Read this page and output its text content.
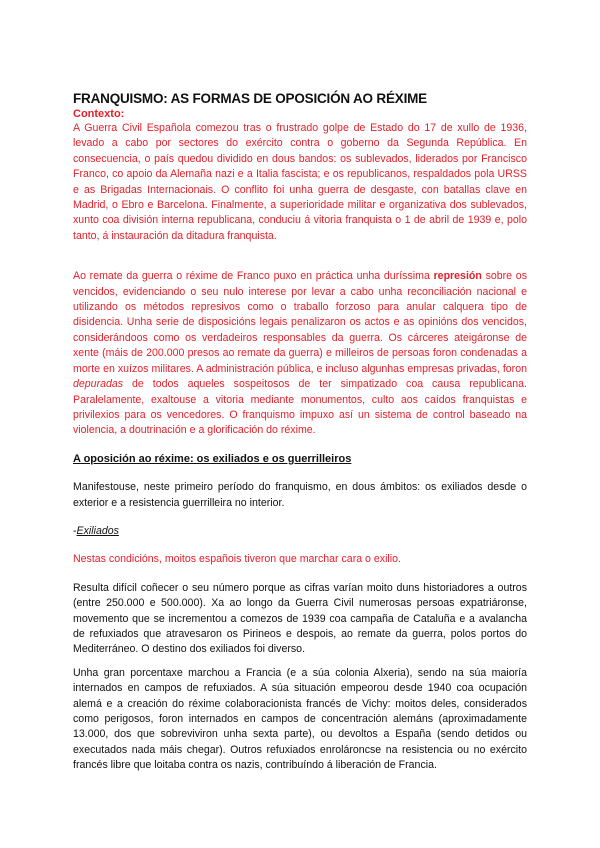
FRANQUISMO: AS FORMAS DE OPOSICIÓN AO RÉXIME
Contexto:

A Guerra Civil Española comezou tras o frustrado golpe de Estado do 17 de xullo de 1936, levado a cabo por sectores do exército contra o goberno da Segunda República. En consecuencia, o país quedou dividido en dous bandos: os sublevados, liderados por Francisco Franco, co apoio da Alemaña nazi e a Italia fascista; e os republicanos, respaldados pola URSS e as Brigadas Internacionais. O conflito foi unha guerra de desgaste, con batallas clave en Madrid, o Ebro e Barcelona. Finalmente, a superioridade militar e organizativa dos sublevados, xunto coa división interna republicana, conduciu á vitoria franquista o 1 de abril de 1939 e, polo tanto, á instauración da ditadura franquista.

Ao remate da guerra o réxime de Franco puxo en práctica unha duríssima represión sobre os vencidos, evidenciando o seu nulo interese por levar a cabo unha reconciliación nacional e utilizando os métodos represivos como o traballo forzoso para anular calquera tipo de disidencia. Unha serie de disposicións legais penalizaron os actos e as opinións dos vencidos, considerándoos como os verdadeiros responsables da guerra. Os cárceres ateigáronse de xente (máis de 200.000 presos ao remate da guerra) e milleiros de persoas foron condenadas a morte en xuízos militares. A administración pública, e incluso algunhas empresas privadas, foron depuradas de todos aqueles sospeitosos de ter simpatizado coa causa republicana. Paralelamente, exaltouse a vitoria mediante monumentos, culto aos caídos franquistas e privilexios para os vencedores. O franquismo impuxo así un sistema de control baseado na violencia, a doutrinación e a glorificación do réxime.

A oposición ao réxime: os exiliados e os guerrilleiros

Manifestouse, neste primeiro período do franquismo, en dous ámbitos: os exiliados desde o exterior e a resistencia guerrilleira no interior.

-Exiliados

Nestas condicións, moitos españois tiveron que marchar cara o exilio.

Resulta difícil coñecer o seu número porque as cifras varían moito duns historiadores a outros (entre 250.000 e 500.000). Xa ao longo da Guerra Civil numerosas persoas expatriáronse, movemento que se incrementou a comezos de 1939 coa campaña de Cataluña e a avalancha de refuxiados que atravesaron os Pirineos e despois, ao remate da guerra, polos portos do Mediterráneo. O destino dos exiliados foi diverso.

Unha gran porcentaxe marchou a Francia (e a súa colonia Alxeria), sendo na súa maioría internados en campos de refuxiados. A súa situación empeorou desde 1940 coa ocupación alemá e a creación do réxime colaboracionista francés de Vichy: moitos deles, considerados como perigosos, foron internados en campos de concentración alemáns (aproximadamente 13.000, dos que sobreviviron unha sexta parte), ou devoltos a España (sendo detidos ou executados nada máis chegar). Outros refuxiados enrolároncse na resistencia ou no exército francés libre que loitaba contra os nazis, contribuíndo á liberación de Francia.
